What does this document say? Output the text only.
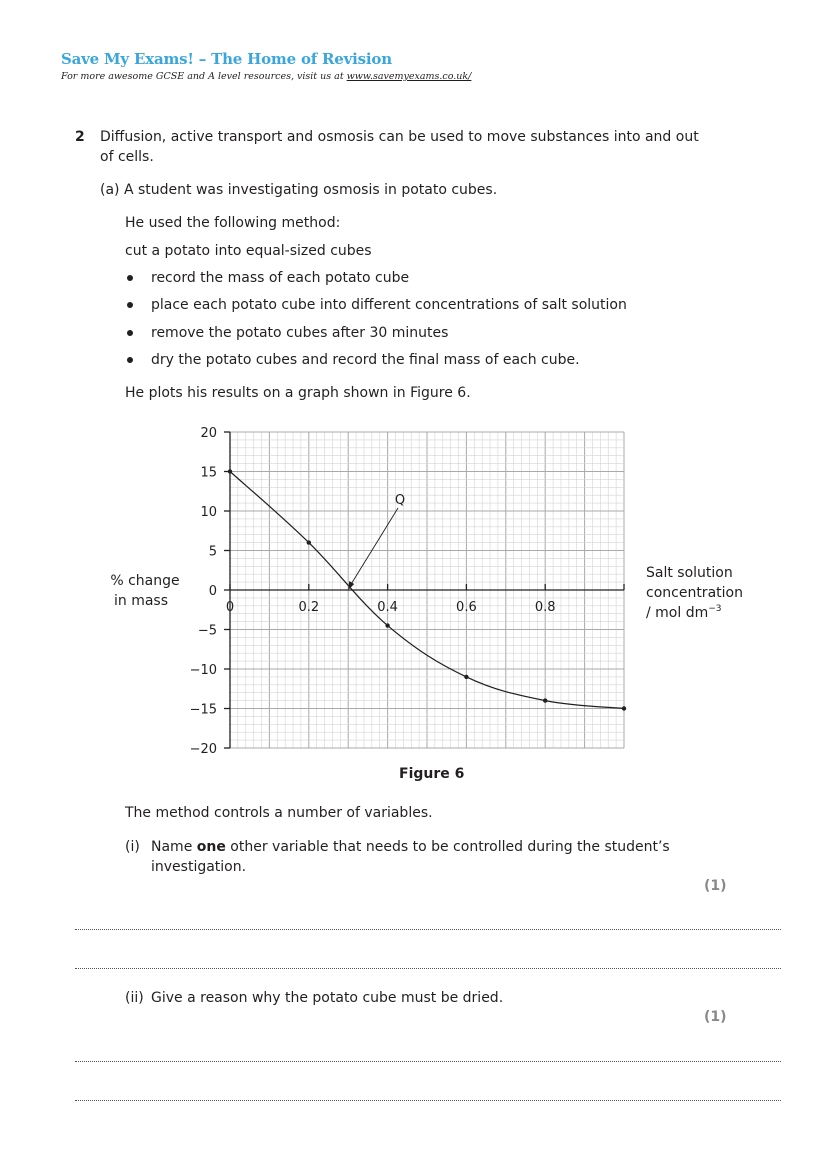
Save My Exams! – The Home of Revision
For more awesome GCSE and A level resources, visit us at www.savemyexams.co.uk/
2 Diffusion, active transport and osmosis can be used to move substances into and out
of cells.
(a) A student was investigating osmosis in potato cubes.
He used the following method:
cut a potato into equal-sized cubes
record the mass of each potato cube
place each potato cube into different concentrations of salt solution
remove the potato cubes after 30 minutes
dry the potato cubes and record the final mass of each cube.
He plots his results on a graph shown in Figure 6.
20
15
10
5
0
−5
−10
−15
−20
0	0.2	0.4	0.6	0.8
Q
% change
in mass
Salt solution
concentration
/ mol $dm^{-3}$
Figure 6
The method controls a number of variables.
(i) Name one other variable that needs to be controlled during the student’s
investigation.
(1)
(ii) Give a reason why the potato cube must be dried.
(1)
